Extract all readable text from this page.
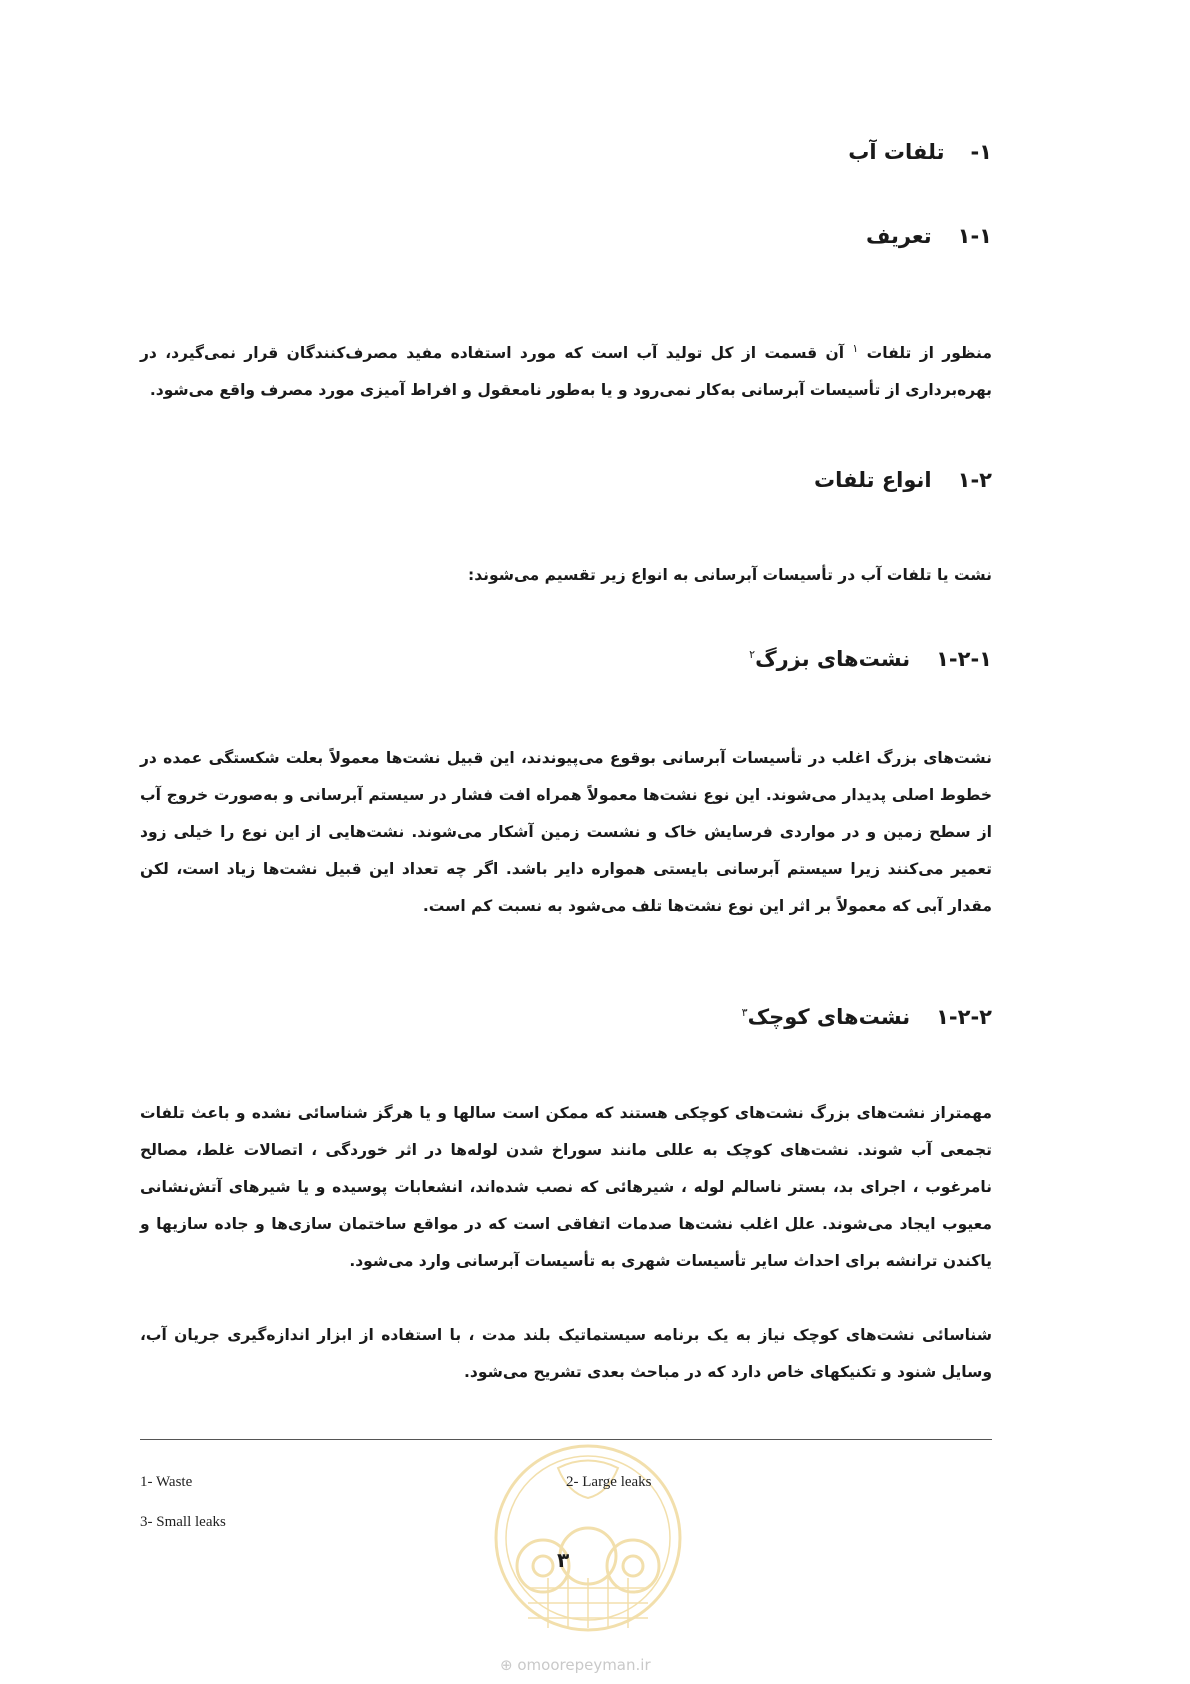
۱-تلفات آب
۱-۱تعریف
منظور از تلفات $^۱$ آن قسمت از کل تولید آب است که مورد استفاده مفید مصرف‌کنندگان قرار نمی‌گیرد، در بهره‌برداری از تأسیسات آبرسانی به‌کار نمی‌رود و یا به‌طور نامعقول و افراط آمیزی مورد مصرف واقع می‌شود.
۱-۲انواع تلفات
نشت یا تلفات آب در تأسیسات آبرسانی به انواع زیر تقسیم می‌شوند:
۱-۲-۱نشت‌های بزرگ$^۲$
نشت‌های بزرگ اغلب در تأسیسات آبرسانی بوقوع می‌پیوندند، این قبیل نشت‌ها معمولاً بعلت شکستگی عمده در خطوط اصلی پدیدار می‌شوند. این نوع نشت‌ها معمولاً همراه افت فشار در سیستم آبرسانی و به‌صورت خروج آب از سطح زمین و در مواردی فرسایش خاک و نشست زمین آشکار می‌شوند. نشت‌هایی از این نوع را خیلی زود تعمیر می‌کنند زیرا سیستم آبرسانی بایستی همواره دایر باشد. اگر چه تعداد این قبیل نشت‌ها زیاد است، لکن مقدار آبی که معمولاً بر اثر این نوع نشت‌ها تلف می‌شود به نسبت کم است.
۱-۲-۲نشت‌های کوچک$^۳$
مهمتراز نشت‌های بزرگ نشت‌های کوچکی هستند که ممکن است سالها و یا هرگز شناسائی نشده و باعث تلفات تجمعی آب شوند. نشت‌های کوچک به عللی مانند سوراخ شدن لوله‌ها در اثر خوردگی ، اتصالات غلط، مصالح نامرغوب ، اجرای بد، بستر ناسالم لوله ، شیرهائی که نصب شده‌اند، انشعابات پوسیده و یا شیرهای آتش‌نشانی معیوب ایجاد می‌شوند. علل اغلب نشت‌ها صدمات اتفاقی است که در مواقع ساختمان سازی‌ها و جاده سازیها و یاکندن ترانشه برای احداث سایر تأسیسات شهری به تأسیسات آبرسانی وارد می‌شود.
شناسائی نشت‌های کوچک نیاز به یک برنامه سیستماتیک بلند مدت ، با استفاده از ابزار اندازه‌گیری جریان آب، وسایل شنود و تکنیکهای خاص دارد که در مباحث بعدی تشریح می‌شود.
1- Waste	2- Large leaks
3- Small leaks
۳
⊕ omoorepeyman.ir
